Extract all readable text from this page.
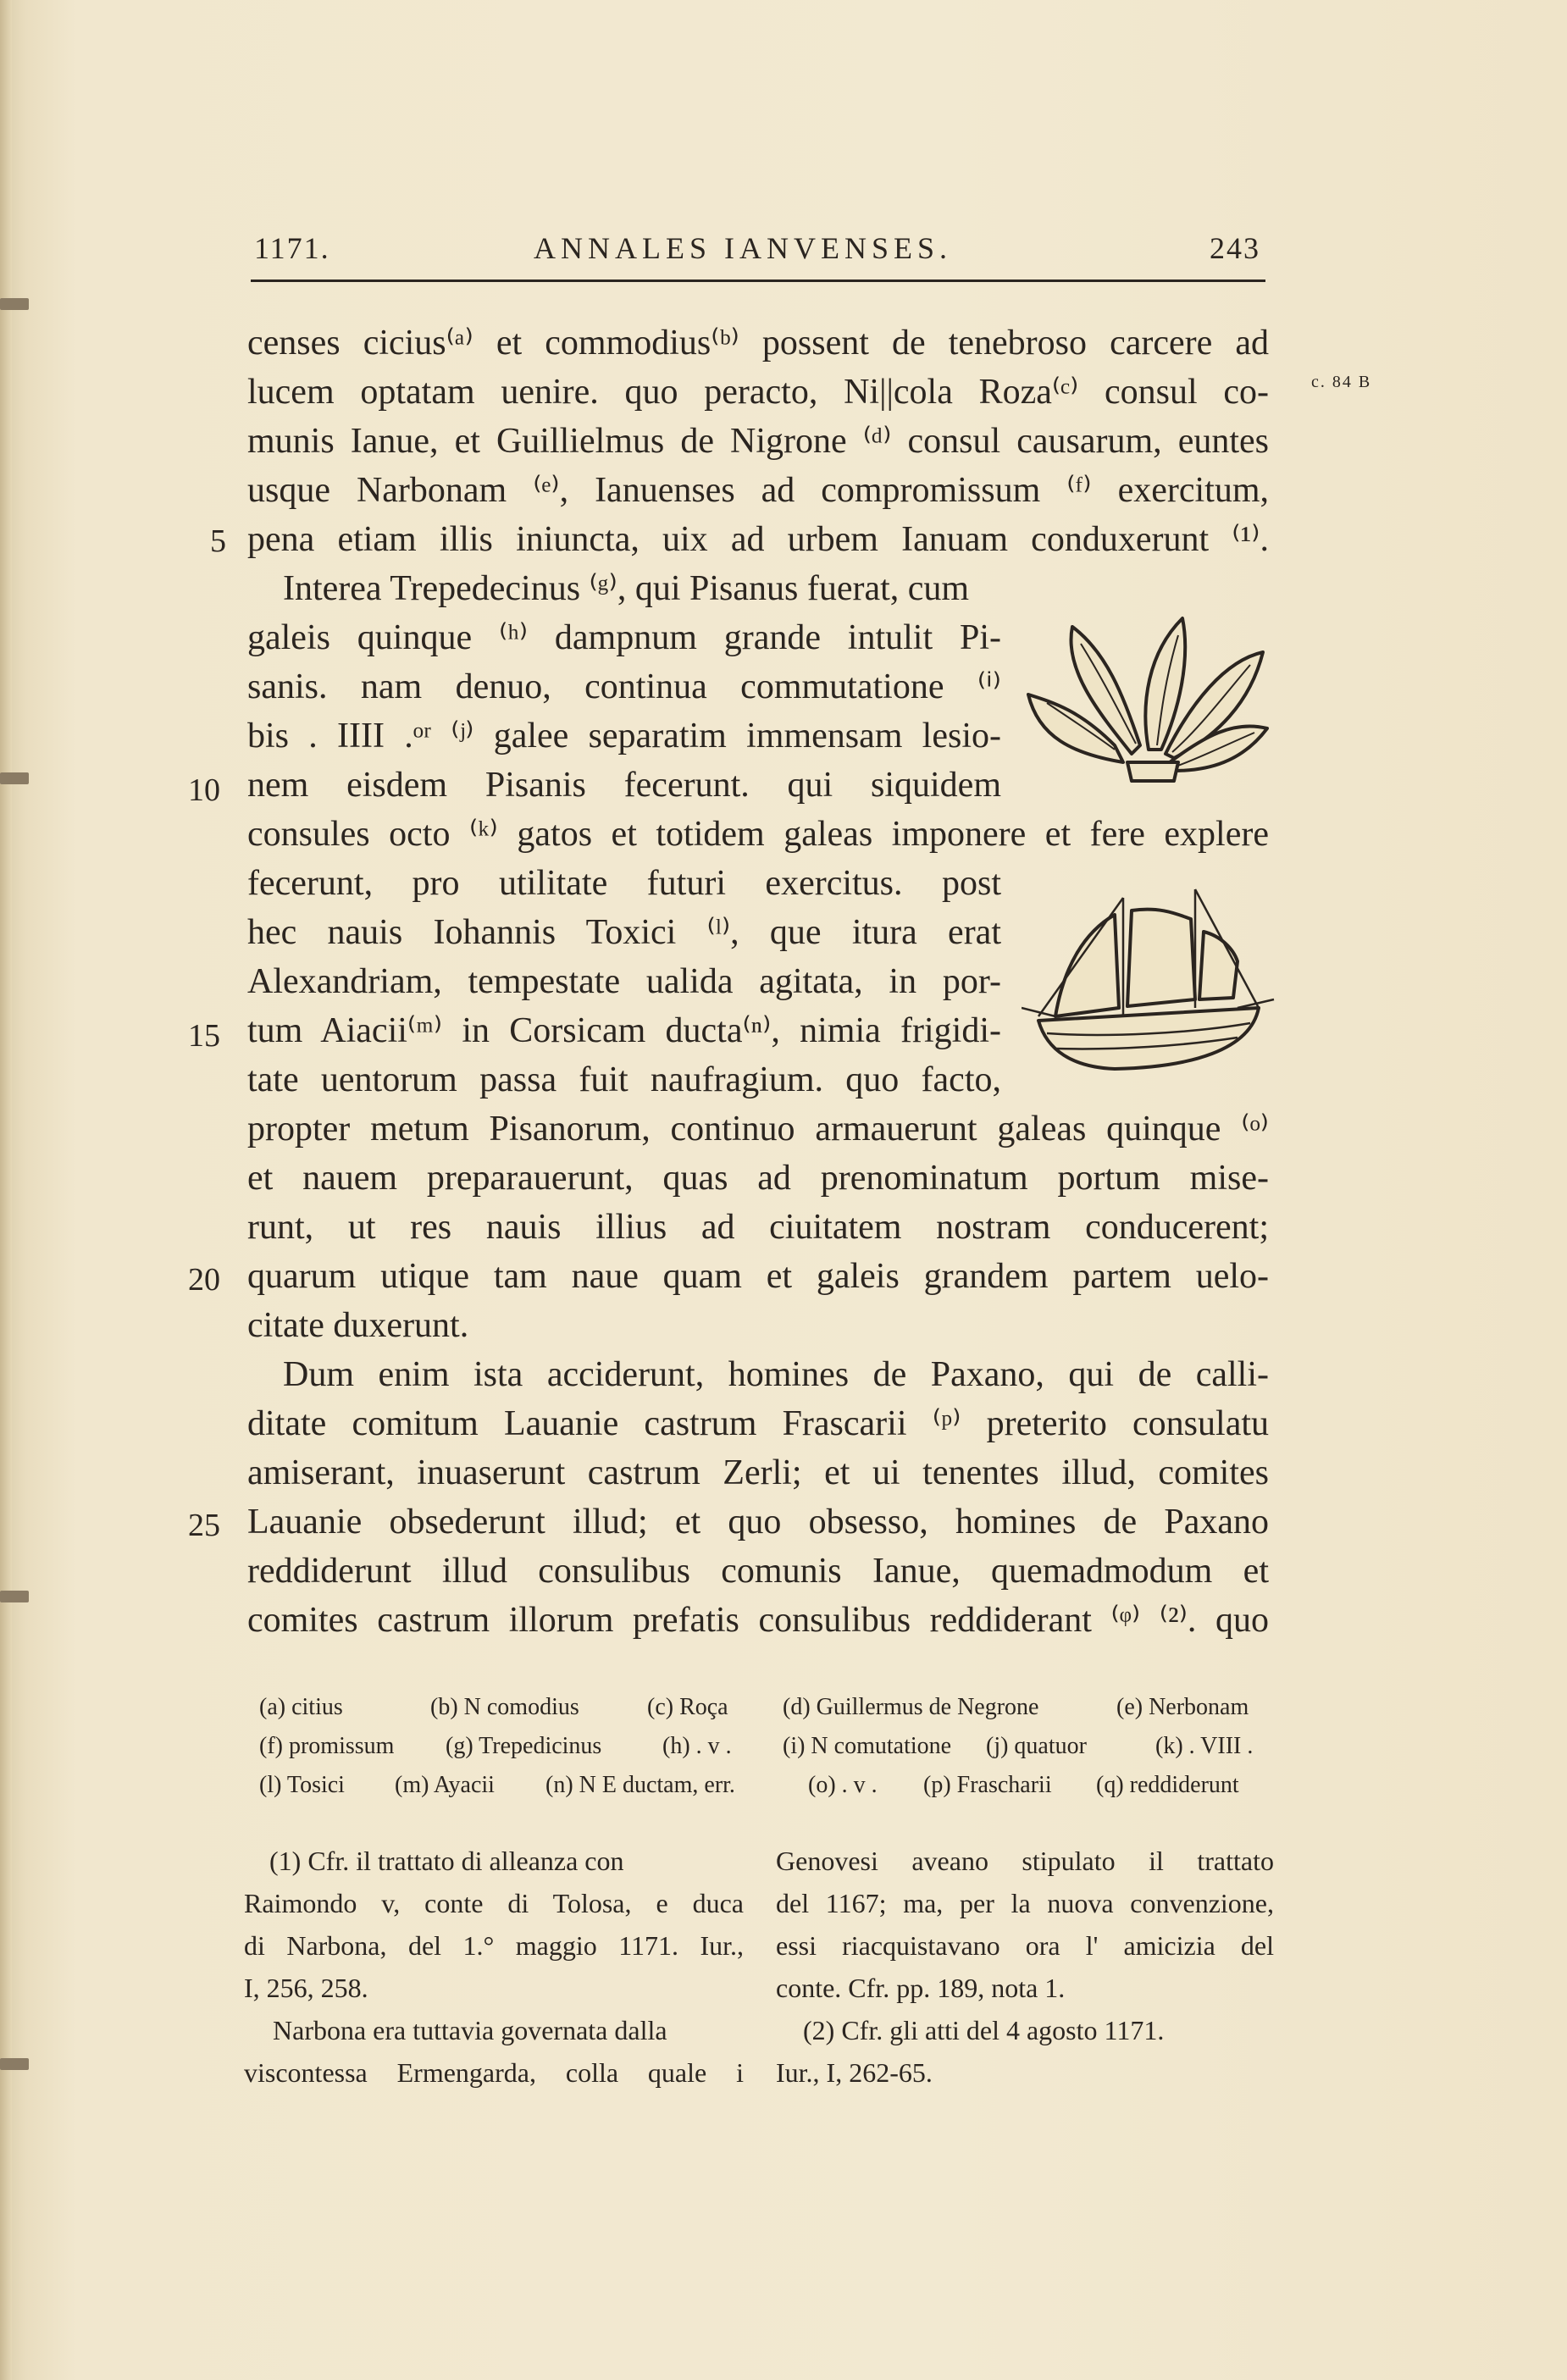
1171.	ANNALES IANVENSES.	243
c. 84 B
5
10
15
20
25
censes cicius⁽ᵃ⁾ et commodius⁽ᵇ⁾ possent de tenebroso carcere ad
lucem optatam uenire. quo peracto, Ni||cola Roza⁽ᶜ⁾ consul co-
munis Ianue, et Guillielmus de Nigrone ⁽ᵈ⁾ consul causarum, euntes
usque Narbonam ⁽ᵉ⁾, Ianuenses ad compromissum ⁽ᶠ⁾ exercitum,
pena etiam illis iniuncta, uix ad urbem Ianuam conduxerunt ⁽¹⁾.
Interea Trepedecinus ⁽ᵍ⁾, qui Pisanus fuerat, cum
galeis quinque ⁽ʰ⁾ dampnum grande intulit Pi-
sanis. nam denuo, continua commutatione ⁽ⁱ⁾
bis . IIII .ᵒʳ ⁽ʲ⁾ galee separatim immensam lesio-
nem eisdem Pisanis fecerunt. qui siquidem
consules octo ⁽ᵏ⁾ gatos et totidem galeas imponere et fere explere
fecerunt, pro utilitate futuri exercitus. post
hec nauis Iohannis Toxici ⁽ˡ⁾, que itura erat
Alexandriam, tempestate ualida agitata, in por-
tum Aiacii⁽ᵐ⁾ in Corsicam ducta⁽ⁿ⁾, nimia frigidi-
tate uentorum passa fuit naufragium. quo facto,
propter metum Pisanorum, continuo armauerunt galeas quinque ⁽ᵒ⁾
et nauem preparauerunt, quas ad prenominatum portum mise-
runt, ut res nauis illius ad ciuitatem nostram conducerent;
quarum utique tam naue quam et galeis grandem partem uelo-
citate duxerunt.
Dum enim ista acciderunt, homines de Paxano, qui de calli-
ditate comitum Lauanie castrum Frascarii ⁽ᵖ⁾ preterito consulatu
amiserant, inuaserunt castrum Zerli; et ui tenentes illud, comites
Lauanie obsederunt illud; et quo obsesso, homines de Paxano
reddiderunt illud consulibus comunis Ianue, quemadmodum et
comites castrum illorum prefatis consulibus reddiderant ⁽ᵠ⁾ ⁽²⁾. quo
(a) citius	(b) N comodius	(c) Roça (d) Guillermus de Negrone	(e) Nerbonam
(f) promissum (g) Trepedicinus	(h) . v . (i) N comutatione (j) quatuor	(k) . VIII .
(l) Tosici (m) Ayacii (n) N E ductam, err.	(o) . v . (p) Frascharii (q) reddiderunt
(1) Cfr. il trattato di alleanza con
Raimondo v, conte di Tolosa, e duca
di Narbona, del 1.° maggio 1171. Iur.,
I, 256, 258.
Narbona era tuttavia governata dalla
viscontessa Ermengarda, colla quale i
Genovesi aveano stipulato il trattato
del 1167; ma, per la nuova convenzione,
essi riacquistavano ora l' amicizia del
conte. Cfr. pp. 189, nota 1.
(2) Cfr. gli atti del 4 agosto 1171.
Iur., I, 262-65.
